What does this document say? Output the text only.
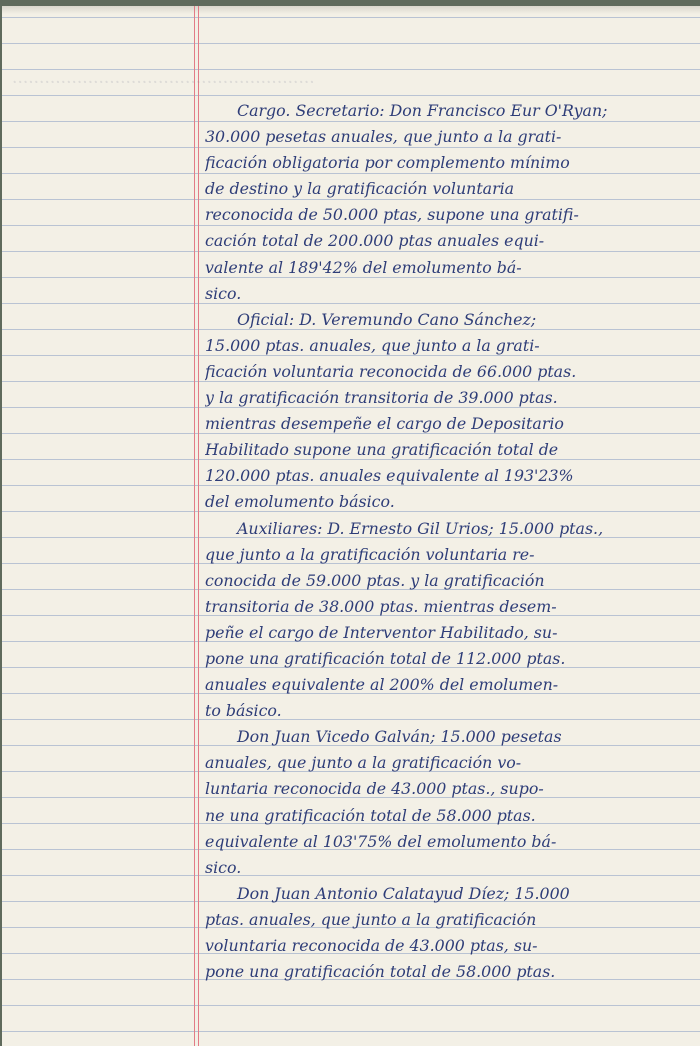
························································

Cargo. Secretario: Don Francisco Eur O'Ryan;
30.000 pesetas anuales, que junto a la grati-
ficación obligatoria por complemento mínimo
de destino y la gratificación voluntaria
reconocida de 50.000 ptas, supone una gratifi-
cación total de 200.000 ptas anuales equi-
valente al 189'42% del emolumento bá-
sico.

Oficial: D. Veremundo Cano Sánchez;
15.000 ptas. anuales, que junto a la grati-
ficación voluntaria reconocida de 66.000 ptas.
y la gratificación transitoria de 39.000 ptas.
mientras desempeñe el cargo de Depositario
Habilitado supone una gratificación total de
120.000 ptas. anuales equivalente al 193'23%
del emolumento básico.

Auxiliares: D. Ernesto Gil Urios; 15.000 ptas.,
que junto a la gratificación voluntaria re-
conocida de 59.000 ptas. y la gratificación
transitoria de 38.000 ptas. mientras desem-
peñe el cargo de Interventor Habilitado, su-
pone una gratificación total de 112.000 ptas.
anuales equivalente al 200% del emolumen-
to básico.

Don Juan Vicedo Galván; 15.000 pesetas
anuales, que junto a la gratificación vo-
luntaria reconocida de 43.000 ptas., supo-
ne una gratificación total de 58.000 ptas.
equivalente al 103'75% del emolumento bá-
sico.

Don Juan Antonio Calatayud Díez; 15.000
ptas. anuales, que junto a la gratificación
voluntaria reconocida de 43.000 ptas, su-
pone una gratificación total de 58.000 ptas.
